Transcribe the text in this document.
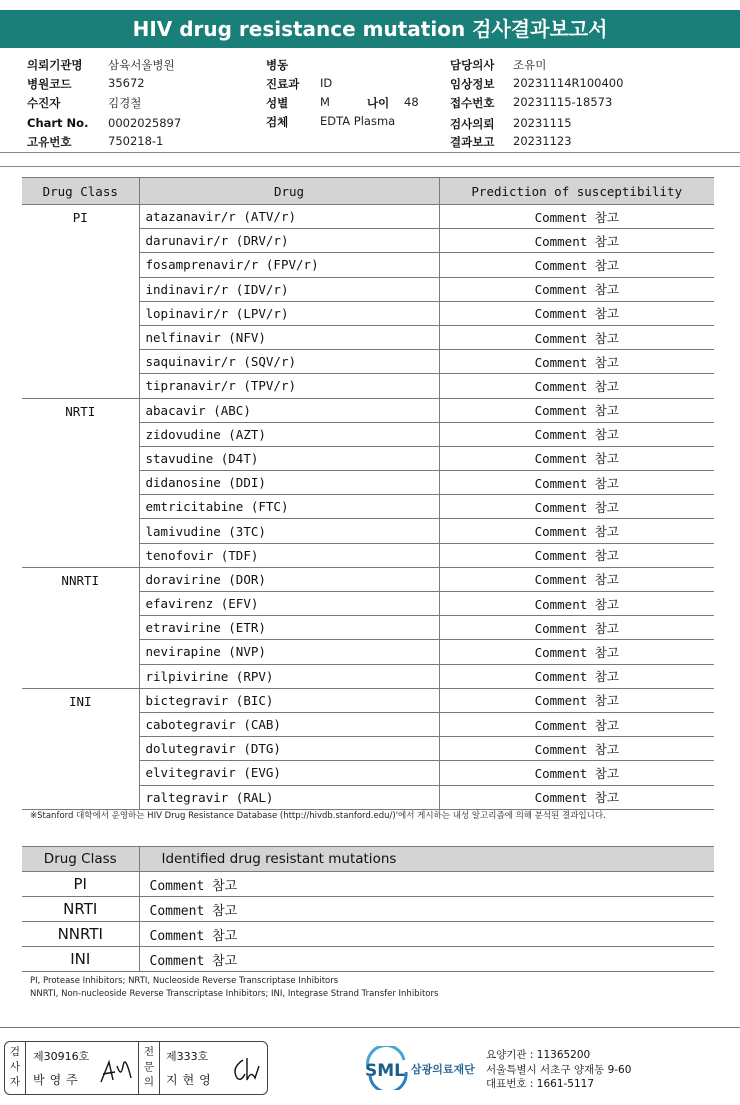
HIV drug resistance mutation 검사결과보고서
의뢰기관명 삼육서울병원
병원코드	35672
수진자	김경철
Chart No. 0002025897
고유번호	750218-1
병동
진료과 ID
성별	M	나이 48
검체	EDTA Plasma
담당의사 조유미
임상정보 20231114R100400
접수번호 20231115-18573
검사의뢰 20231115
결과보고 20231123
Drug Class	Drug	Prediction of susceptibility
PI	atazanavir/r (ATV/r)	Comment 참고
	darunavir/r (DRV/r)	Comment 참고
	fosamprenavir/r (FPV/r)	Comment 참고
	indinavir/r (IDV/r)	Comment 참고
	lopinavir/r (LPV/r)	Comment 참고
	nelfinavir (NFV)	Comment 참고
	saquinavir/r (SQV/r)	Comment 참고
	tipranavir/r (TPV/r)	Comment 참고
NRTI	abacavir (ABC)	Comment 참고
	zidovudine (AZT)	Comment 참고
	stavudine (D4T)	Comment 참고
	didanosine (DDI)	Comment 참고
	emtricitabine (FTC)	Comment 참고
	lamivudine (3TC)	Comment 참고
	tenofovir (TDF)	Comment 참고
NNRTI	doravirine (DOR)	Comment 참고
	efavirenz (EFV)	Comment 참고
	etravirine (ETR)	Comment 참고
	nevirapine (NVP)	Comment 참고
	rilpivirine (RPV)	Comment 참고
INI	bictegravir (BIC)	Comment 참고
	cabotegravir (CAB)	Comment 참고
	dolutegravir (DTG)	Comment 참고
	elvitegravir (EVG)	Comment 참고
	raltegravir (RAL)	Comment 참고
※Stanford 대학에서 운영하는 HIV Drug Resistance Database (http://hivdb.stanford.edu/)'에서 게시하는 내성 알고리즘에 의해 분석된 결과입니다.
Drug Class	Identified drug resistant mutations
PI	Comment 참고
NRTI	Comment 참고
NNRTI	Comment 참고
INI	Comment 참고
PI, Protease Inhibitors; NRTI, Nucleoside Reverse Transcriptase Inhibitors
NNRTI, Non-nucleoside Reverse Transcriptase Inhibitors; INI, Integrase Strand Transfer Inhibitors
검사자
제30916호
박영주
전문의
제333호
지현영	SML 삼광의료재단
요양기관 : 11365200
서울특별시 서초구 양재동 9-60
대표번호 : 1661-5117
